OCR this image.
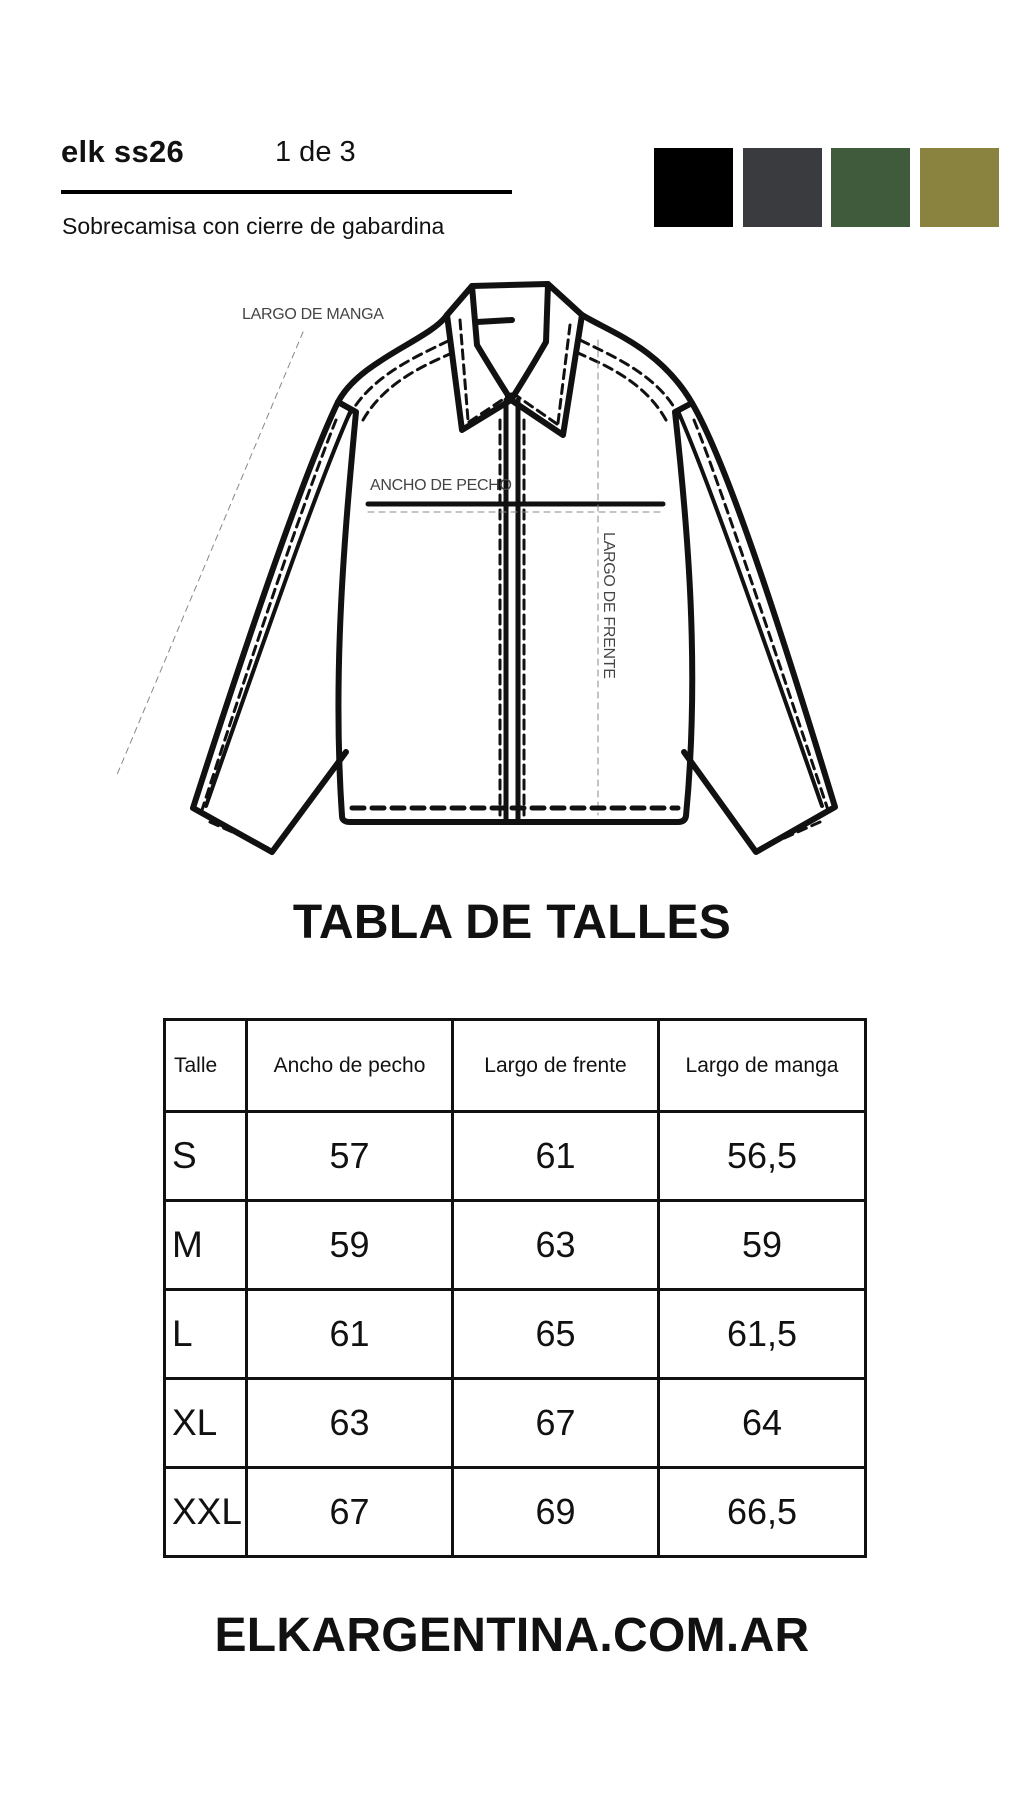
elk ss26	1 de 3
Sobrecamisa con cierre de gabardina
LARGO DE MANGA
ANCHO DE PECHO
LARGO DE FRENTE
TABLA DE TALLES
Talle	Ancho de pecho	Largo de frente	Largo de manga
S	57	61	56,5
M	59	63	59
L	61	65	61,5
XL	63	67	64
XXL	67	69	66,5
ELKARGENTINA.COM.AR
